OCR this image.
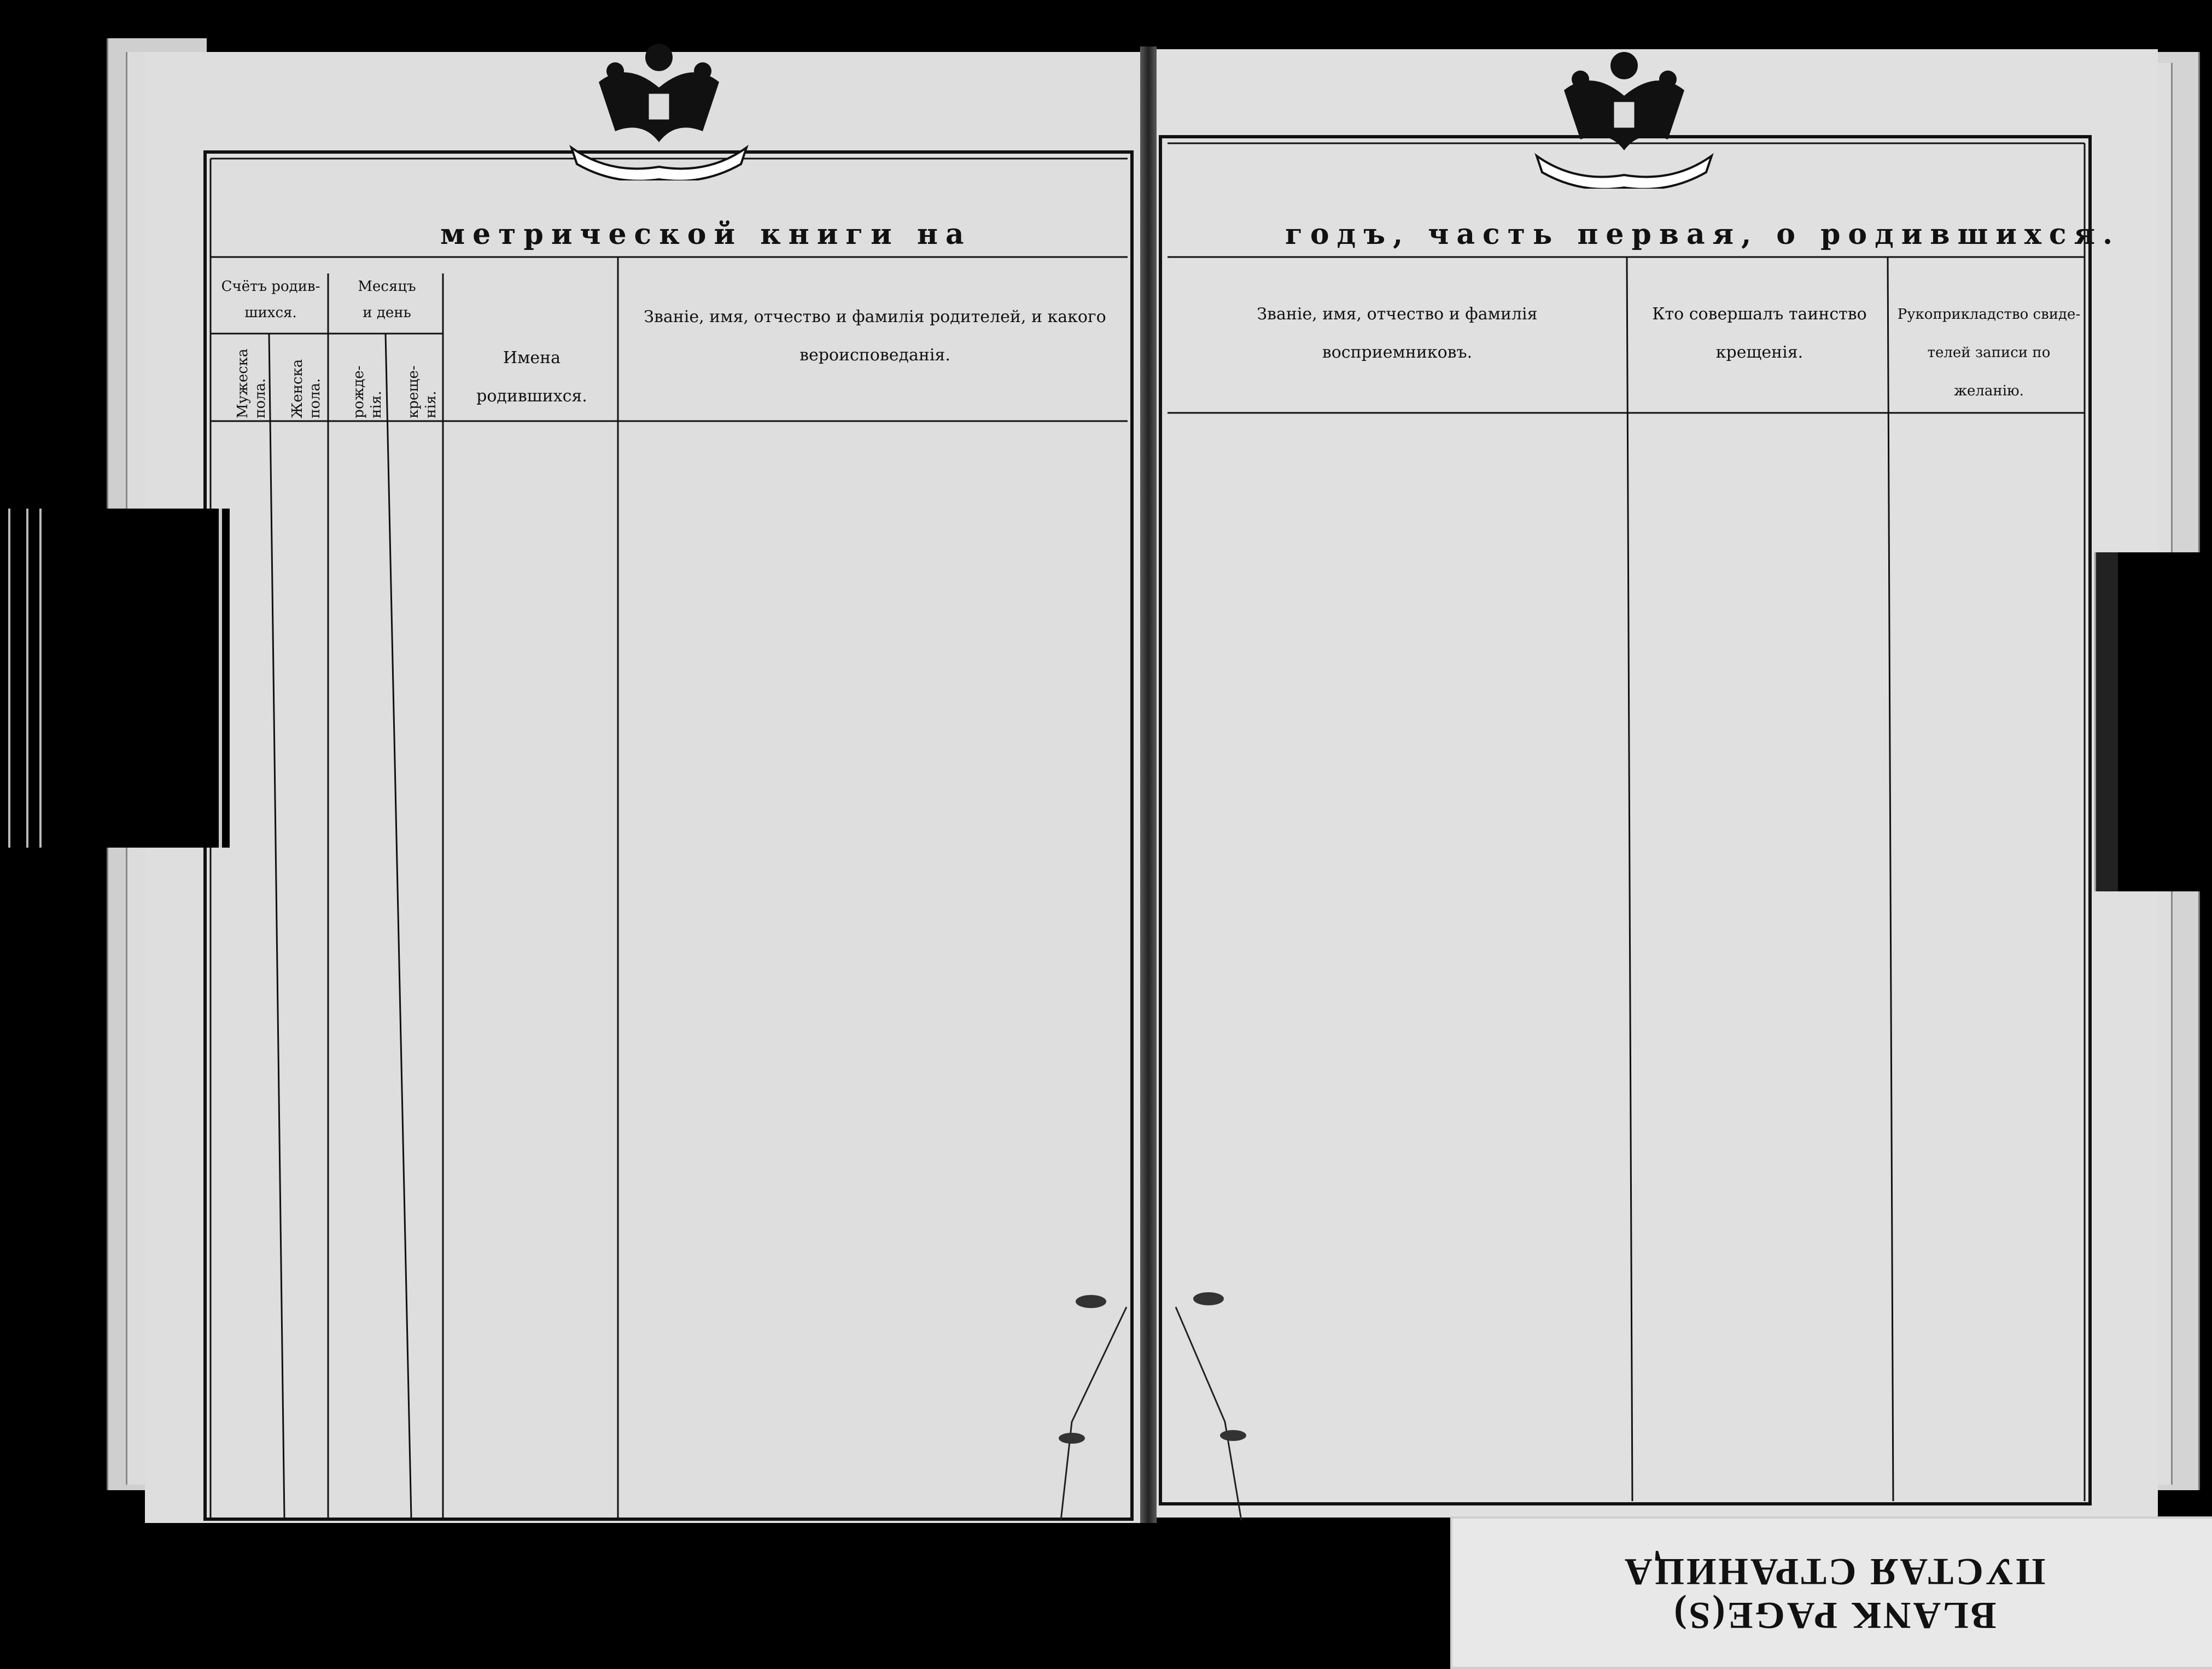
метрической книги на
Счётъ родив-
шихся.
Месяцъ
и день
Мужеска пола. Женска пола. рожде- нія. креще- нія.
Имена родившихся.
Званіе, имя, отчество и фамилія родителей, и какого
вероисповеданія.
годъ, часть первая, о родившихся.
Званіе, имя, отчество и фамилія
восприемниковъ.
Кто совершалъ таинство
крещенія.
Рукоприкладство свиде-
телей записи по желанію.
BLANK PAGE(S)
ПУСТАЯ СТРАНИЦА
